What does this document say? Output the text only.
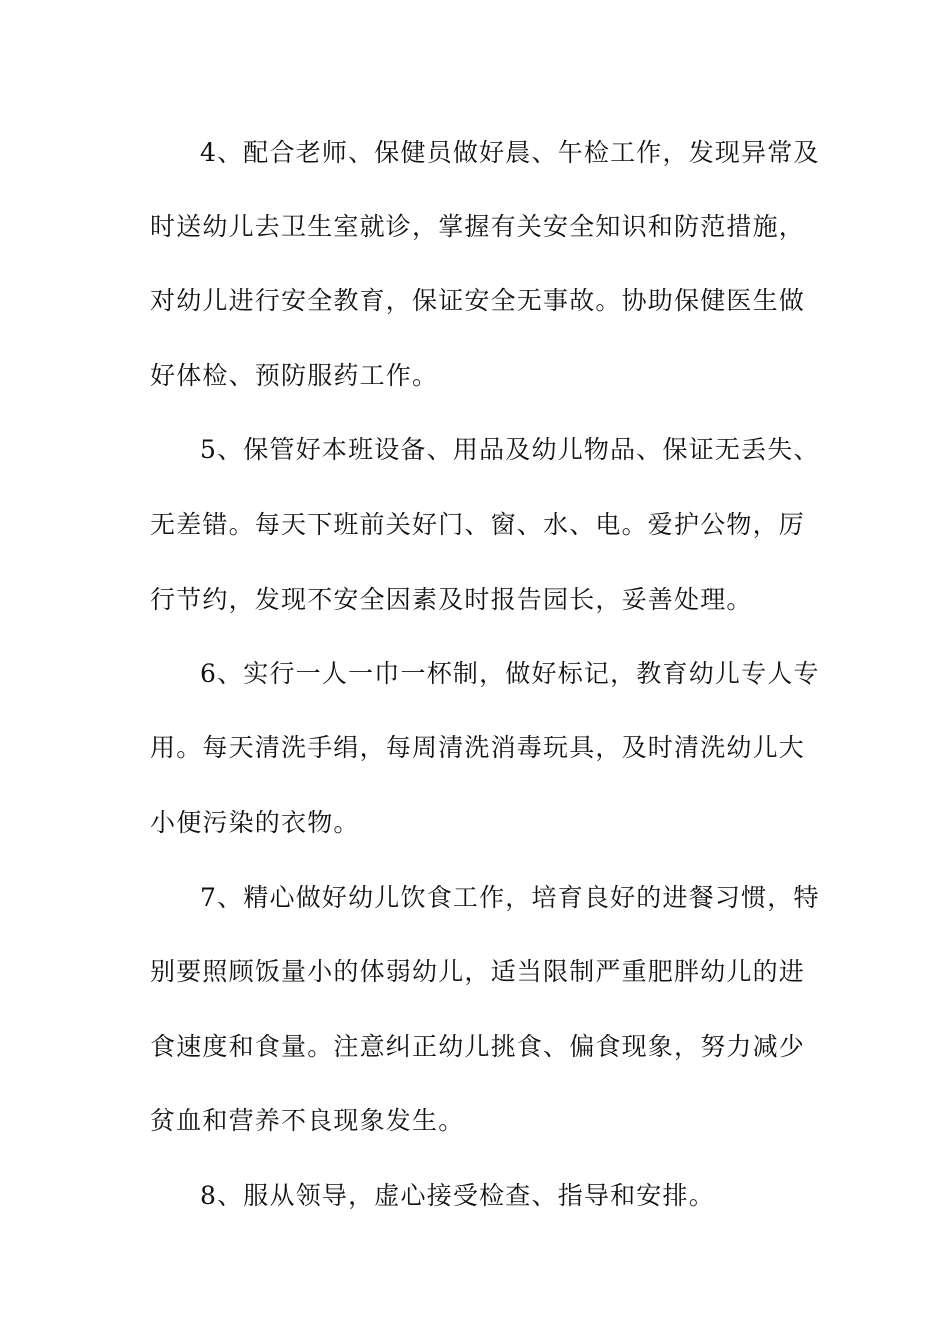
4、配合老师、保健员做好晨、午检工作，发现异常及
时送幼儿去卫生室就诊，掌握有关安全知识和防范措施，
对幼儿进行安全教育，保证安全无事故。协助保健医生做
好体检、预防服药工作。
5、保管好本班设备、用品及幼儿物品、保证无丢失、
无差错。每天下班前关好门、窗、水、电。爱护公物，厉
行节约，发现不安全因素及时报告园长，妥善处理。
6、实行一人一巾一杯制，做好标记，教育幼儿专人专
用。每天清洗手绢，每周清洗消毒玩具，及时清洗幼儿大
小便污染的衣物。
7、精心做好幼儿饮食工作，培育良好的进餐习惯，特
别要照顾饭量小的体弱幼儿，适当限制严重肥胖幼儿的进
食速度和食量。注意纠正幼儿挑食、偏食现象，努力减少
贫血和营养不良现象发生。
8、服从领导，虚心接受检查、指导和安排。
